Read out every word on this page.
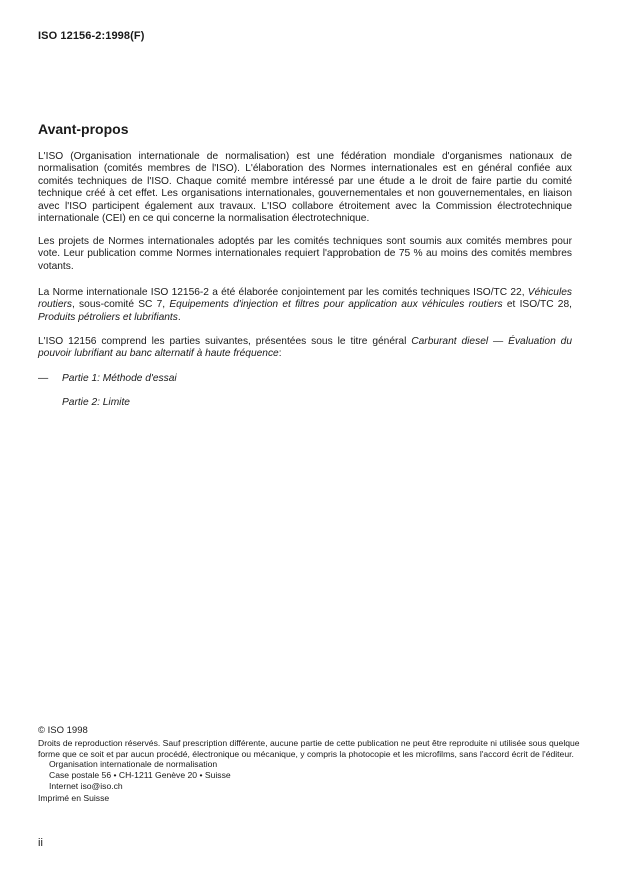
ISO 12156-2:1998(F)
Avant-propos

L'ISO (Organisation internationale de normalisation) est une fédération mondiale d'organismes nationaux de normalisation (comités membres de l'ISO). L'élaboration des Normes internationales est en général confiée aux comités techniques de l'ISO. Chaque comité membre intéressé par une étude a le droit de faire partie du comité technique créé à cet effet. Les organisations internationales, gouvernementales et non gouvernementales, en liaison avec l'ISO participent également aux travaux. L'ISO collabore étroitement avec la Commission électrotechnique internationale (CEI) en ce qui concerne la normalisation électrotechnique.

Les projets de Normes internationales adoptés par les comités techniques sont soumis aux comités membres pour vote. Leur publication comme Normes internationales requiert l'approbation de 75 % au moins des comités membres votants.

La Norme internationale ISO 12156-2 a été élaborée conjointement par les comités techniques ISO/TC 22, Véhicules routiers, sous-comité SC 7, Equipements d'injection et filtres pour application aux véhicules routiers et ISO/TC 28, Produits pétroliers et lubrifiants.

L'ISO 12156 comprend les parties suivantes, présentées sous le titre général Carburant diesel — Évaluation du pouvoir lubrifiant au banc alternatif à haute fréquence:

— Partie 1: Méthode d'essai
Partie 2: Limite
© ISO 1998

Droits de reproduction réservés. Sauf prescription différente, aucune partie de cette publication ne peut être reproduite ni utilisée sous quelque forme que ce soit et par aucun procédé, électronique ou mécanique, y compris la photocopie et les microfilms, sans l'accord écrit de l'éditeur.

Organisation internationale de normalisation
Case postale 56 • CH-1211 Genève 20 • Suisse
Internet iso@iso.ch
Imprimé en Suisse
ii
